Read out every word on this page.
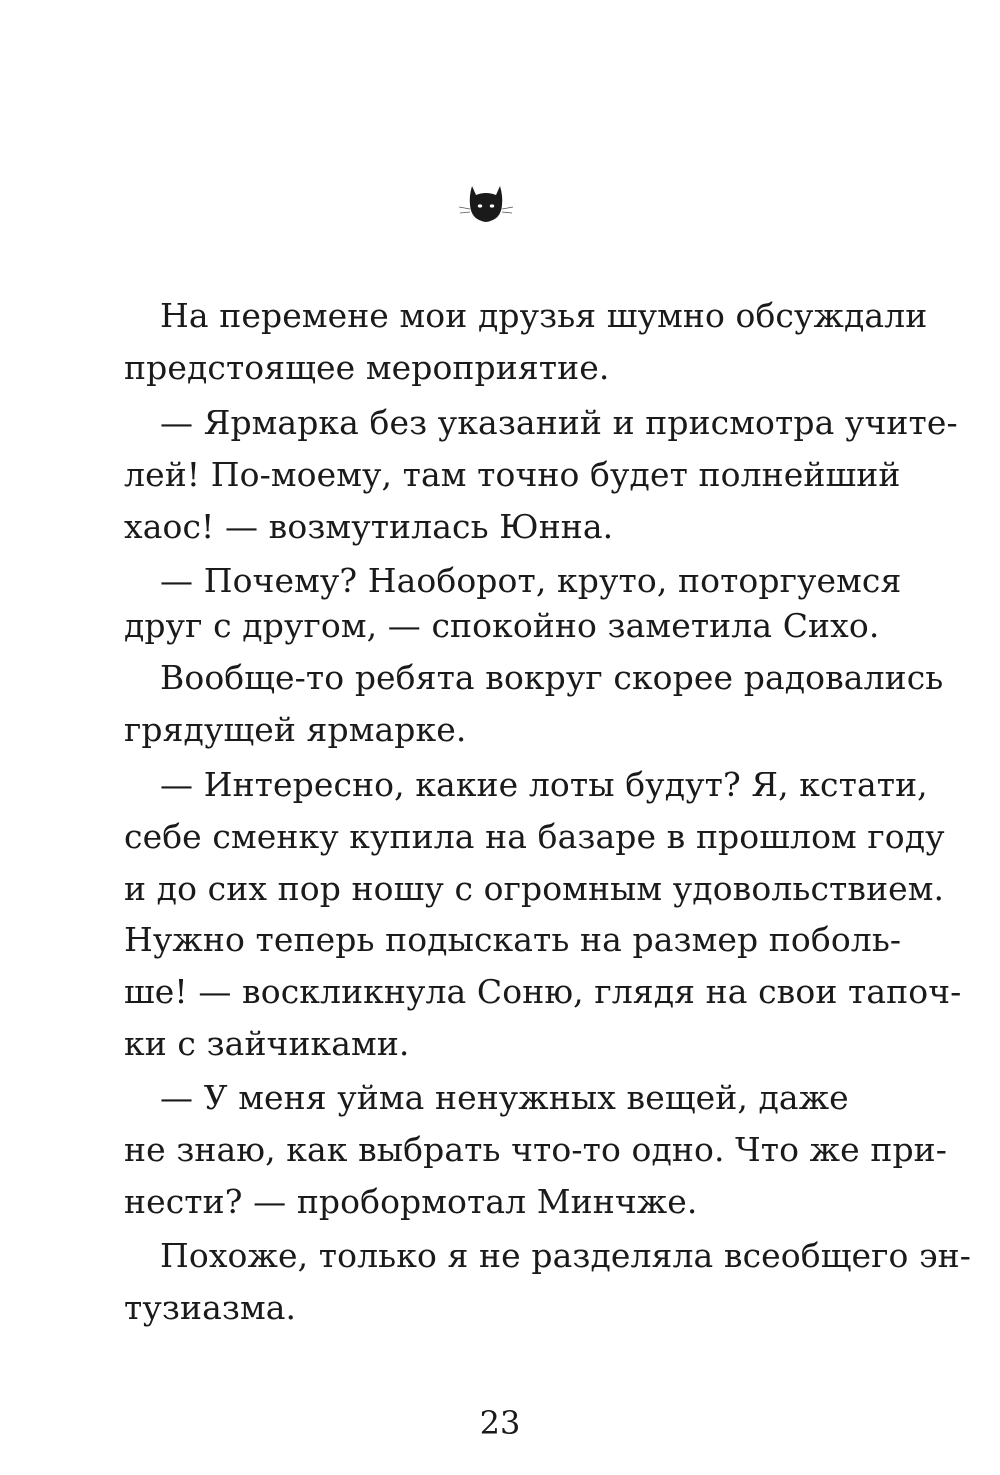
На перемене мои друзья шумно обсуждали
предстоящее мероприятие.
— Ярмарка без указаний и присмотра учите-
лей! По-моему, там точно будет полнейший
хаос! — возмутилась Юнна.
— Почему? Наоборот, круто, поторгуемся
друг с другом, — спокойно заметила Сихо.
Вообще-то ребята вокруг скорее радовались
грядущей ярмарке.
— Интересно, какие лоты будут? Я, кстати,
себе сменку купила на базаре в прошлом году
и до сих пор ношу с огромным удовольствием.
Нужно теперь подыскать на размер поболь-
ше! — воскликнула Соню, глядя на свои тапоч-
ки с зайчиками.
— У меня уйма ненужных вещей, даже
не знаю, как выбрать что-то одно. Что же при-
нести? — пробормотал Минчже.
Похоже, только я не разделяла всеобщего эн-
тузиазма.
23
